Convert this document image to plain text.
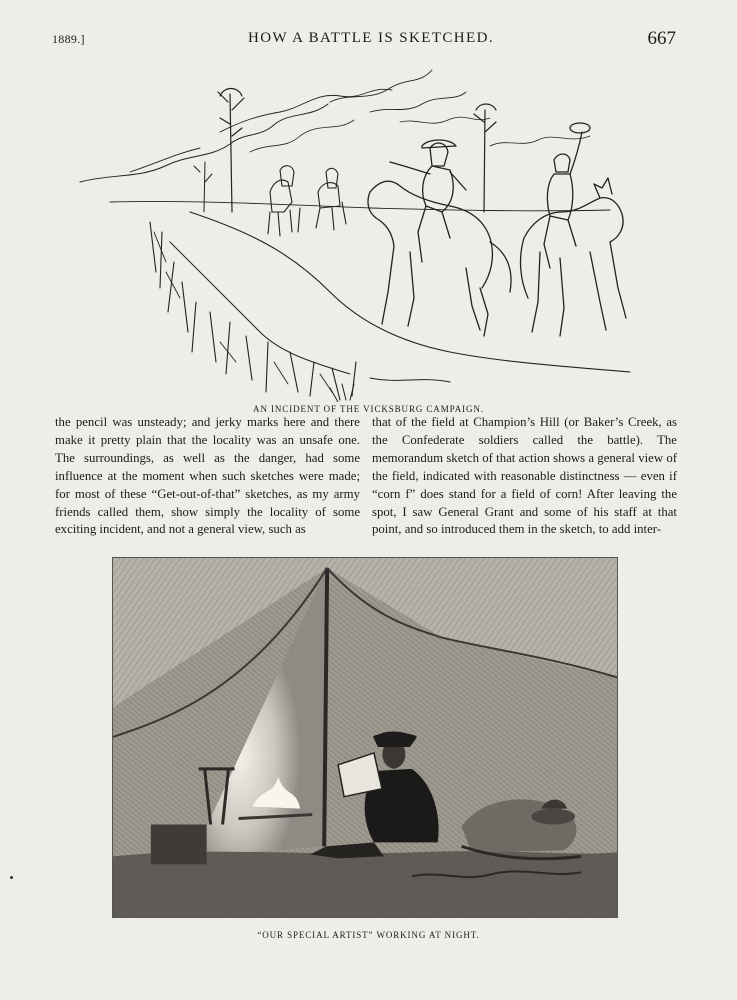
1889.]	HOW A BATTLE IS SKETCHED.	667
AN INCIDENT OF THE VICKSBURG CAMPAIGN.

the pencil was unsteady; and jerky marks here and there make it pretty plain that the locality was an unsafe one. The surroundings, as well as the danger, had some influence at the moment when such sketches were made; for most of these “Get-out-of-that” sketches, as my army friends called them, show simply the locality of some exciting incident, and not a general view, such as

that of the field at Champion’s Hill (or Baker’s Creek, as the Confederate soldiers called the battle). The memorandum sketch of that action shows a general view of the field, indicated with reasonable distinctness — even if “corn f” does stand for a field of corn! After leaving the spot, I saw General Grant and some of his staff at that point, and so introduced them in the sketch, to add inter-

“OUR SPECIAL ARTIST” WORKING AT NIGHT.
